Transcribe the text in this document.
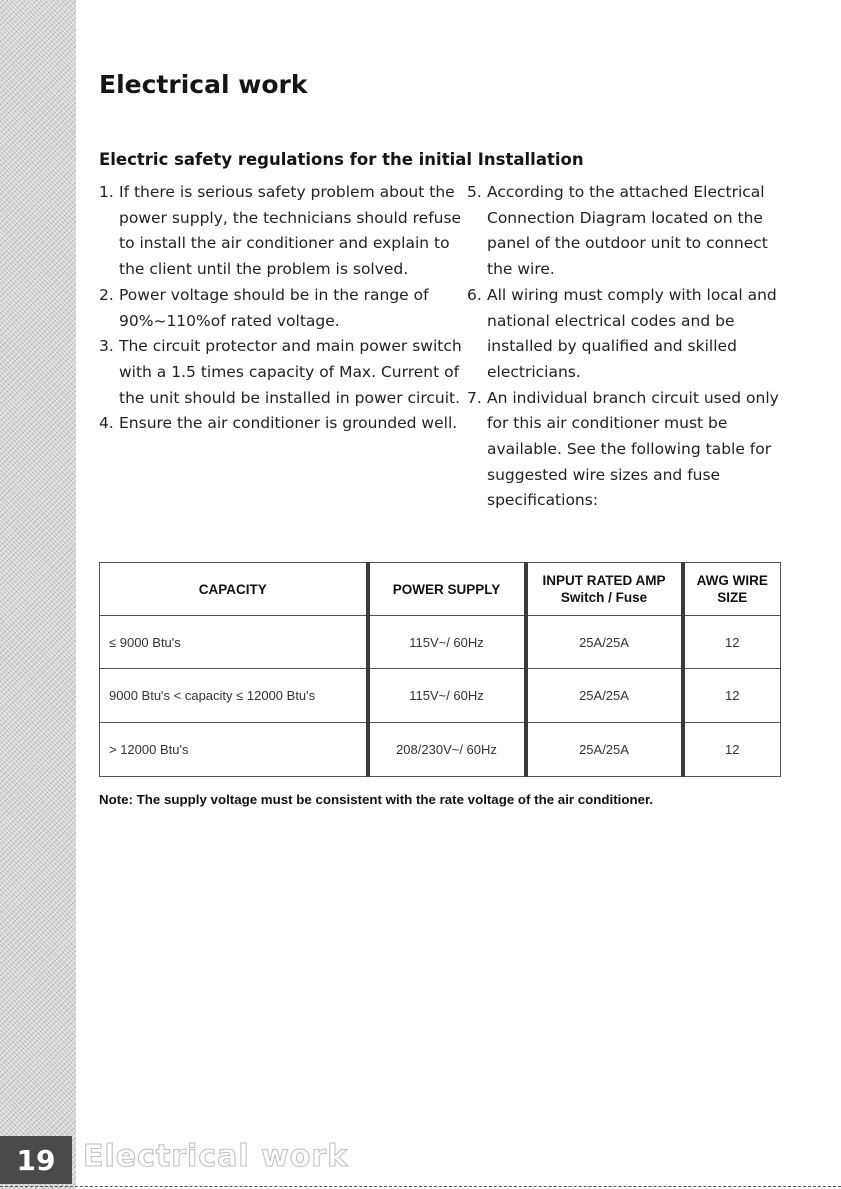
Electrical work
Electric safety regulations for the initial Installation
1. If there is serious safety problem about the power supply, the technicians should refuse to install the air conditioner and explain to the client until the problem is solved.
2. Power voltage should be in the range of 90%~110%of rated voltage.
3. The circuit protector and main power switch with a 1.5 times capacity of Max. Current of the unit should be installed in power circuit.
4. Ensure the air conditioner is grounded well.
5. According to the attached Electrical Connection Diagram located on the panel of the outdoor unit to connect the wire.
6. All wiring must comply with local and national electrical codes and be installed by qualified and skilled electricians.
7. An individual branch circuit used only for this air conditioner must be available. See the following table for suggested wire sizes and fuse specifications:
CAPACITY	POWER SUPPLY	INPUT RATED AMP Switch / Fuse	AWG WIRE SIZE
≤ 9000 Btu's	115V~/ 60Hz	25A/25A	12
9000 Btu's < capacity ≤ 12000 Btu's	115V~/ 60Hz	25A/25A	12
> 12000 Btu's	208/230V~/ 60Hz	25A/25A	12

Note: The supply voltage must be consistent with the rate voltage of the air conditioner.

19 Electrical work
